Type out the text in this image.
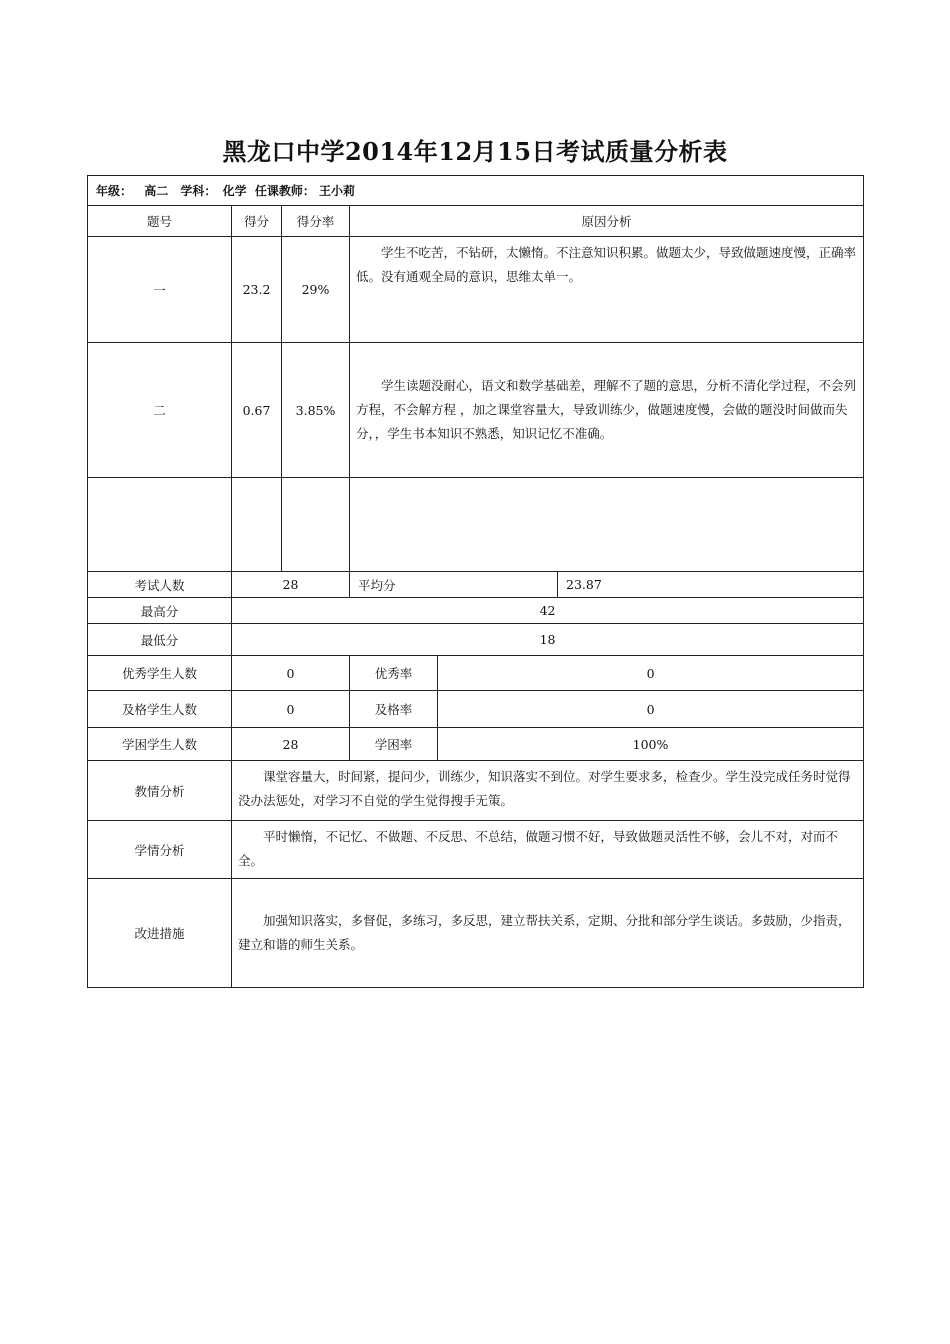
黑龙口中学2014年12月15日考试质量分析表
年级： 高二 学科： 化学 任课教师： 王小莉					
题号	得分	得分率	原因分析		
一	23.2	29%	学生不吃苦，不钻研，太懒惰。不注意知识积累。做题太少，导致做题速度慢，正确率低。没有通观全局的意识，思维太单一。		

二	0.67	3.85%	学生读题没耐心，语文和数学基础差，理解不了题的意思，分析不清化学过程，不会列方程，不会解方程 ，加之课堂容量大，导致训练少，做题速度慢，会做的题没时间做而失分，，学生书本知识不熟悉，知识记忆不准确。		

考试人数	28		平均分		23.87
最高分	42				
最低分	18				
优秀学生人数	0		优秀率	0	
及格学生人数	0		及格率	0	
学困学生人数	28		学困率	100%	
教情分析	课堂容量大，时间紧，提问少，训练少，知识落实不到位。对学生要求多，检查少。学生没完成任务时觉得没办法惩处，对学习不自觉的学生觉得搜手无策。				

学情分析	平时懒惰，不记忆、不做题、不反思、不总结，做题习惯不好，导致做题灵活性不够，会儿不对，对而不全。				

改进措施	加强知识落实，多督促，多练习，多反思，建立帮扶关系，定期、分批和部分学生谈话。多鼓励，少指责，建立和谐的师生关系。				
